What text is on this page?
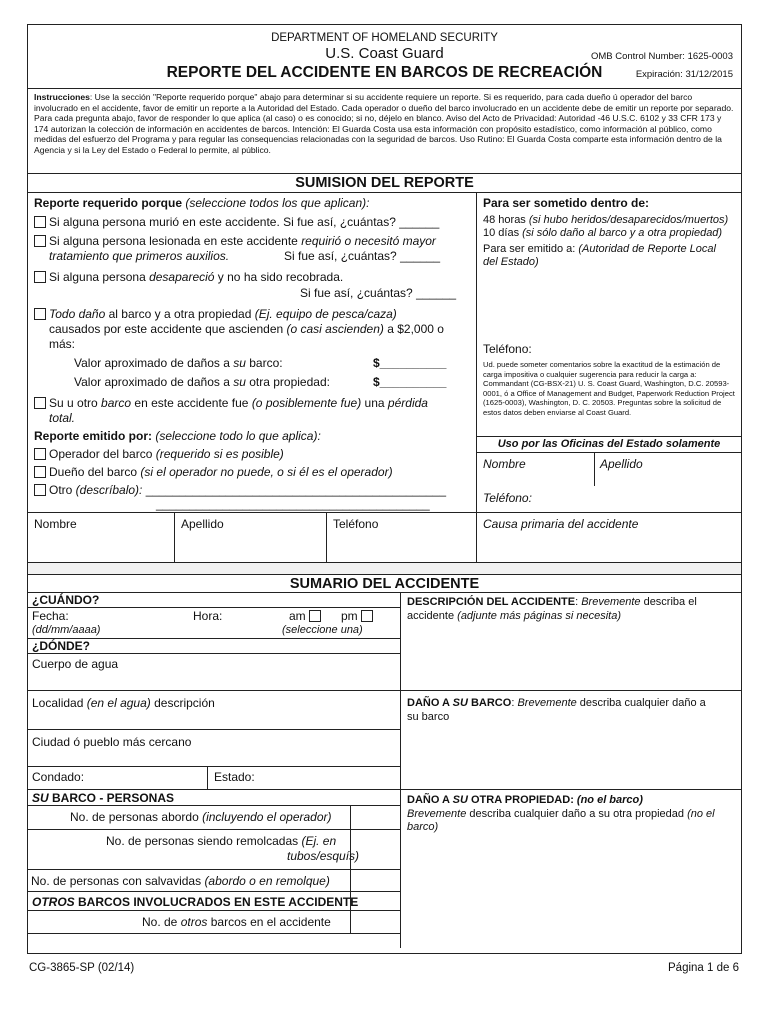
DEPARTMENT OF HOMELAND SECURITY
U.S. Coast Guard
REPORTE DEL ACCIDENTE EN BARCOS DE RECREACIÓN
OMB Control Number: 1625-0003
Expiración: 31/12/2015
Instrucciones: Use la sección "Reporte requerido porque" abajo para determinar si su accidente requiere un reporte. Si es requerido, para cada dueño ú operador del barco involucrado en el accidente, favor de emitir un reporte a la Autoridad del Estado. Cada operador o dueño del barco involucrado en un accidente debe de emitir un reporte por separado. Para cada pregunta abajo, favor de responder lo que aplica (al caso) o es conocido; si no, déjelo en blanco. Aviso del Acto de Privacidad: Autoridad -46 U.S.C. 6102 y 33 CFR 173 y 174 autorizan la colección de información en accidentes de barcos. Intención: El Guarda Costa usa esta información con propósito estadístico, como información al público, como medidas del esfuerzo del Programa y para regular las consequencias relacionadas con la seguridad de barcos. Uso Rutino: El Guarda Costa comparte esta información dentro de la Agencia y si la Ley del Estado o Federal lo permite, al público.
SUMISION DEL REPORTE
Reporte requerido porque (seleccione todos los que aplican):
Si alguna persona murió en este accidente. Si fue así, ¿cuántas? ______
Si alguna persona lesionada en este accidente requirió o necesitó mayor
tratamiento que primeros auxilios.	Si fue así, ¿cuántas? ______
Si alguna persona desapareció y no ha sido recobrada.
Si fue así, ¿cuántas? ______
Todo daño al barco y a otra propiedad (Ej. equipo de pesca/caza)
causados por este accidente que ascienden (o casi ascienden) a $2,000 o
más:
Valor aproximado de daños a su barco:	$__________
Valor aproximado de daños a su otra propiedad:	$__________
Su u otro barco en este accidente fue (o posiblemente fue) una pérdida
total.
Reporte emitido por: (seleccione todo lo que aplica):
Operador del barco (requerido si es posible)
Dueño del barco (si el operador no puede, o si él es el operador)
Otro (descríbalo): _____________________________________________
_________________________________________
Para ser sometido dentro de:
48 horas (si hubo heridos/desaparecidos/muertos)
10 días (si sólo daño al barco y a otra propiedad)
Para ser emitido a: (Autoridad de Reporte Local
del Estado)
Teléfono:
Ud. puede someter comentarios sobre la exactitud de la estimación de carga impositiva o cualquier sugerencia para reducir la carga a: Commandant (CG-BSX-21) U. S. Coast Guard, Washington, D.C. 20593-0001, ó a Office of Management and Budget, Paperwork Reduction Project (1625-0003), Washington, D. C. 20503. Preguntas sobre la solicitud de estos datos deben enviarse al Coast Guard.
Uso por las Oficinas del Estado solamente
Nombre	Apellido
Teléfono:
Nombre	Apellido	Teléfono	Causa primaria del accidente
SUMARIO DEL ACCIDENTE
¿CUÁNDO?
Fecha:
(dd/mm/aaaa)
Hora:	am	pm
(seleccione una)
¿DÓNDE?
Cuerpo de agua
Localidad (en el agua) descripción
Ciudad ó pueblo más cercano
Condado:	Estado:
SU BARCO - PERSONAS
No. de personas abordo (incluyendo el operador)
No. de personas siendo remolcadas (Ej. en
tubos/esquís)
No. de personas con salvavidas (abordo o en remolque)
OTROS BARCOS INVOLUCRADOS EN ESTE ACCIDENTE
No. de otros barcos en el accidente
DESCRIPCIÓN DEL ACCIDENTE: Brevemente describa el
accidente (adjunte más páginas si necesita)
DAÑO A SU BARCO: Brevemente describa cualquier daño a
su barco
DAÑO A SU OTRA PROPIEDAD: (no el barco)
Brevemente describa cualquier daño a su otra propiedad (no el
barco)
CG-3865-SP (02/14)	Página 1 de 6
